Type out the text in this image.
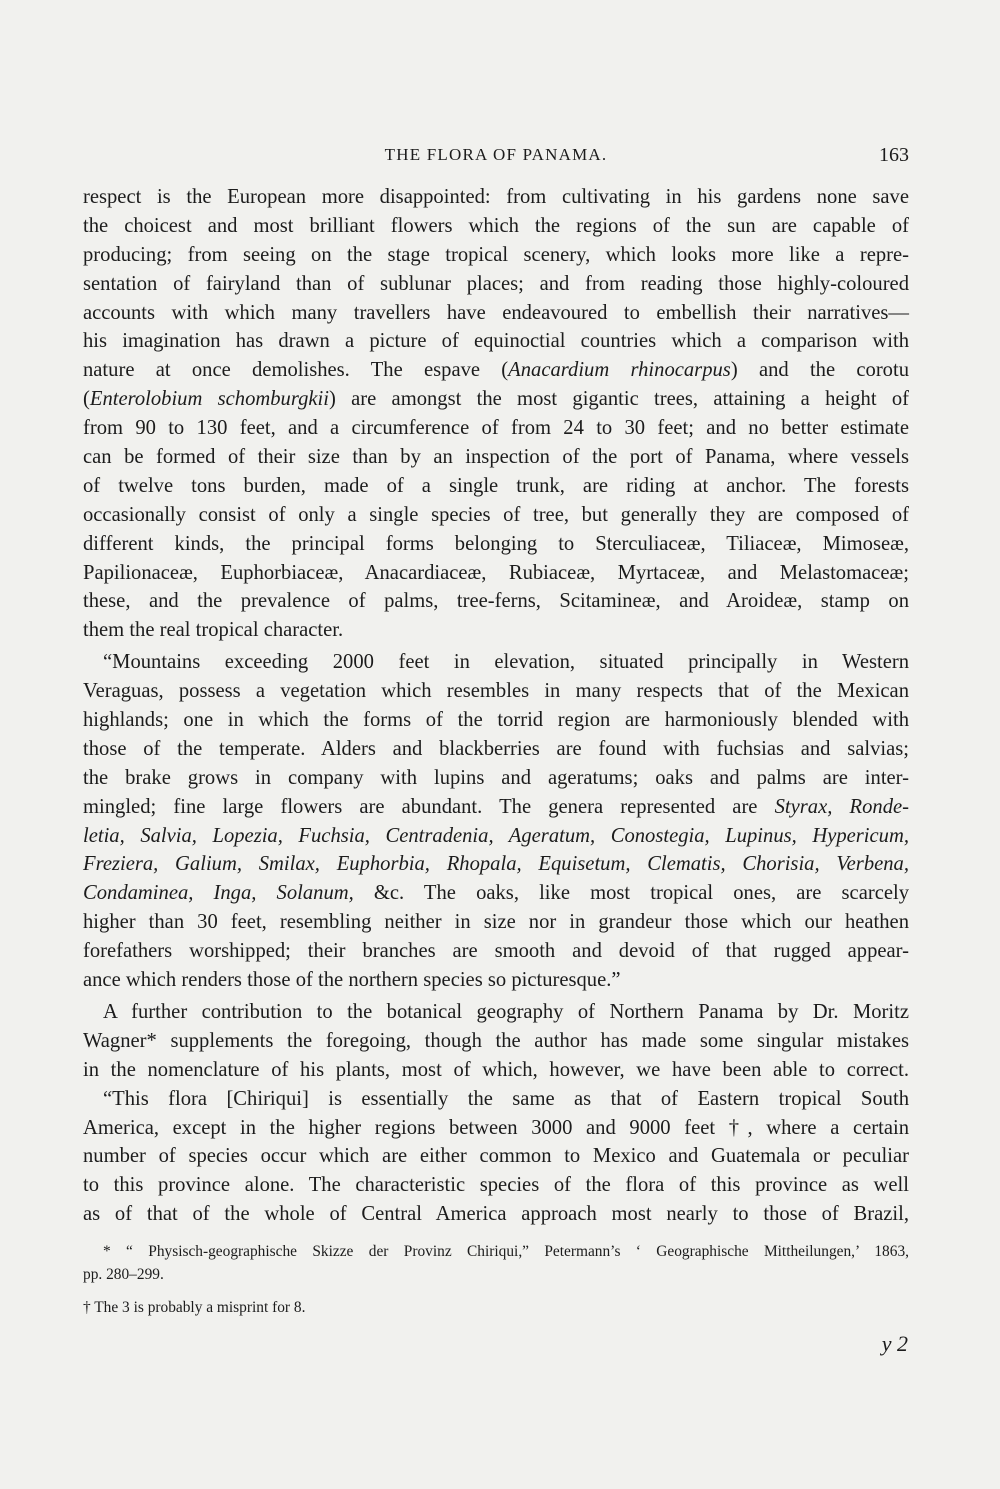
THE FLORA OF PANAMA.	163
respect is the European more disappointed: from cultivating in his gardens none save
the choicest and most brilliant flowers which the regions of the sun are capable of
producing; from seeing on the stage tropical scenery, which looks more like a repre-
sentation of fairyland than of sublunar places; and from reading those highly-coloured
accounts with which many travellers have endeavoured to embellish their narratives—
his imagination has drawn a picture of equinoctial countries which a comparison with
nature at once demolishes. The espave (Anacardium rhinocarpus) and the corotu
(Enterolobium schomburgkii) are amongst the most gigantic trees, attaining a height of
from 90 to 130 feet, and a circumference of from 24 to 30 feet; and no better estimate
can be formed of their size than by an inspection of the port of Panama, where vessels
of twelve tons burden, made of a single trunk, are riding at anchor. The forests
occasionally consist of only a single species of tree, but generally they are composed of
different kinds, the principal forms belonging to Sterculiaceæ, Tiliaceæ, Mimoseæ,
Papilionaceæ, Euphorbiaceæ, Anacardiaceæ, Rubiaceæ, Myrtaceæ, and Melastomaceæ;
these, and the prevalence of palms, tree-ferns, Scitamineæ, and Aroideæ, stamp on
them the real tropical character.
“Mountains exceeding 2000 feet in elevation, situated principally in Western
Veraguas, possess a vegetation which resembles in many respects that of the Mexican
highlands; one in which the forms of the torrid region are harmoniously blended with
those of the temperate. Alders and blackberries are found with fuchsias and salvias;
the brake grows in company with lupins and ageratums; oaks and palms are inter-
mingled; fine large flowers are abundant. The genera represented are Styrax, Ronde-
letia, Salvia, Lopezia, Fuchsia, Centradenia, Ageratum, Conostegia, Lupinus, Hypericum,
Freziera, Galium, Smilax, Euphorbia, Rhopala, Equisetum, Clematis, Chorisia, Verbena,
Condaminea, Inga, Solanum, &c. The oaks, like most tropical ones, are scarcely
higher than 30 feet, resembling neither in size nor in grandeur those which our heathen
forefathers worshipped; their branches are smooth and devoid of that rugged appear-
ance which renders those of the northern species so picturesque.”
A further contribution to the botanical geography of Northern Panama by Dr. Moritz
Wagner* supplements the foregoing, though the author has made some singular mistakes
in the nomenclature of his plants, most of which, however, we have been able to correct.
“This flora [Chiriqui] is essentially the same as that of Eastern tropical South
America, except in the higher regions between 3000 and 9000 feet †, where a certain
number of species occur which are either common to Mexico and Guatemala or peculiar
to this province alone. The characteristic species of the flora of this province as well
as of that of the whole of Central America approach most nearly to those of Brazil,
* “ Physisch-geographische Skizze der Provinz Chiriqui,” Petermann’s ‘ Geographische Mittheilungen,’ 1863,
pp. 280–299.
† The 3 is probably a misprint for 8.
y 2
